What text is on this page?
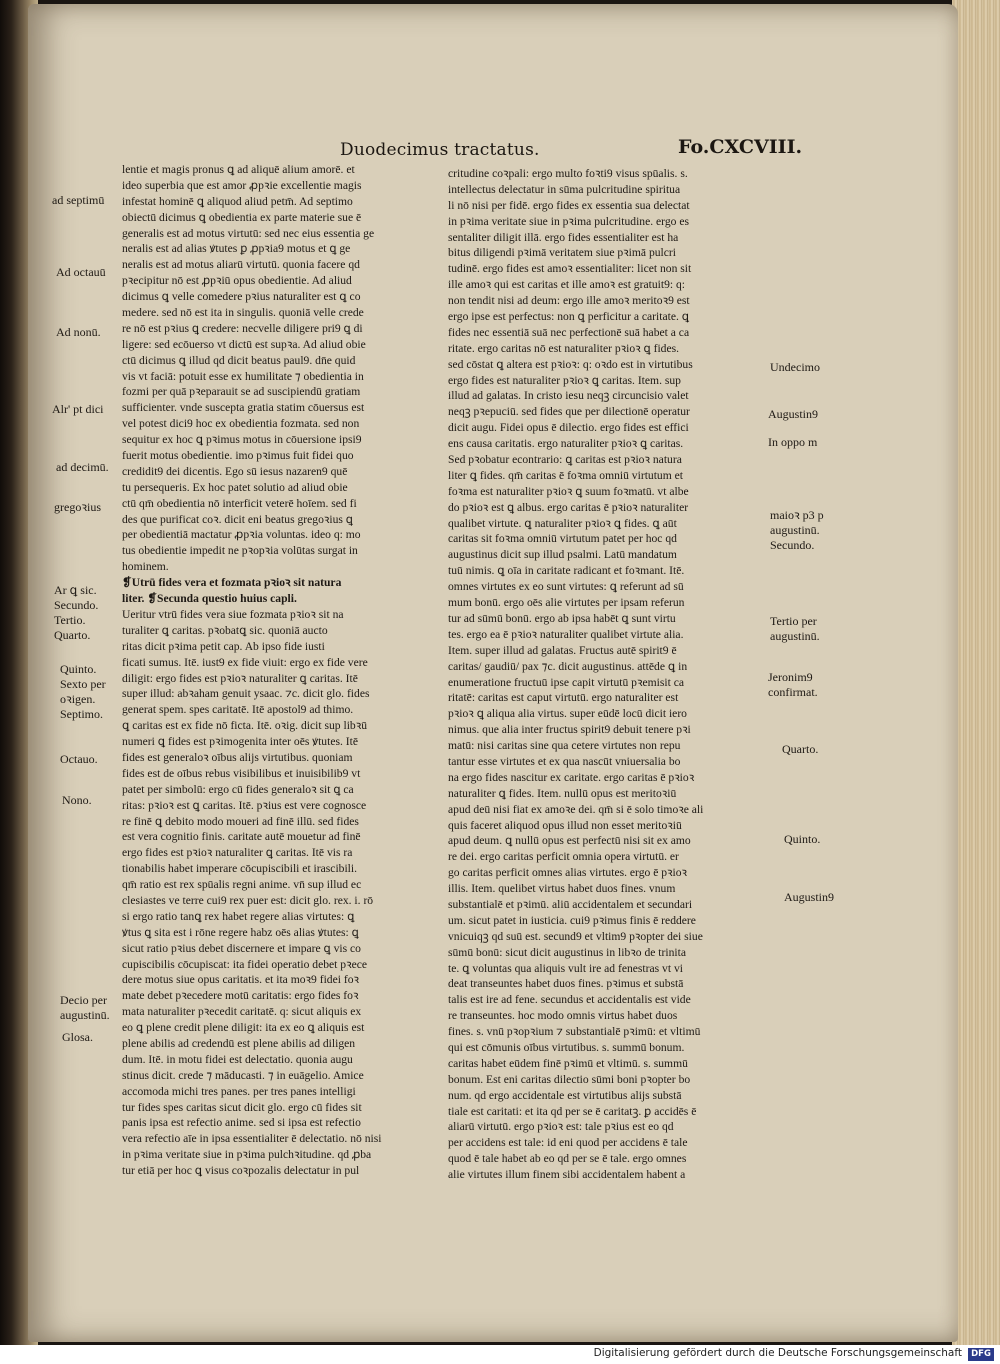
Duodecimus tractatus.	Fo.CXCVIII.
lentie et magis pronus ꝗ ad aliquē alium amorē. et
ideo superbia que est amor ꝓpꝛie excellentie magis
infestat hominē ꝗ aliquod aliud petm̄. Ad septimo
obiectū dicimus ꝗ obedientia ex parte materie sue ē
generalis est ad motus virtutū: sed nec eius essentia ge
neralis est ad alias ꝟtutes ꝑ ꝓpꝛia9 motus et ꝗ ge
neralis est ad motus aliarū virtutū. quonia facere qd
pꝛecipitur nō est ꝓpꝛiū opus obedientie. Ad aliud
dicimus ꝗ velle comedere pꝛius naturaliter est ꝗ co
medere. sed nō est ita in singulis. quoniā velle crede
re nō est pꝛius ꝗ credere: necvelle diligere pri9 ꝗ di
ligere: sed ecōuerso vt dictū est supꝛa. Ad aliud obie
ctū dicimus ꝗ illud qd dicit beatus paul9. dn̄e quid
vis vt faciā: potuit esse ex humilitate ⁊ obedientia in
fozmi per quā pꝛeparauit se ad suscipiendū gratiam
sufficienter. vnde suscepta gratia statim cōuersus est
vel potest dici9 hoc ex obedientia fozmata. sed non
sequitur ex hoc ꝗ pꝛimus motus in cōuersione ipsi9
fuerit motus obedientie. imo pꝛimus fuit fidei quo
credidit9 dei dicentis. Ego sū iesus nazaren9 quē
tu persequeris. Ex hoc patet solutio ad aliud obie
ctū qm̄ obedientia nō interficit veterē hoīem. sed fi
des que purificat coꝛ. dicit eni beatus gregoꝛius ꝗ
per obedientiā mactatur ꝓpꝛia voluntas. ideo q: mo
tus obedientie impedit ne pꝛopꝛia volūtas surgat in
hominem.
❡Utrū fides vera et fozmata pꝛioꝛ sit natura
liter. ❡Secunda questio huius capli.
Ueritur vtrū fides vera siue fozmata pꝛioꝛ sit na
turaliter ꝗ caritas. pꝛobatꝗ sic. quoniā aucto
ritas dicit pꝛima petit cap. Ab ipso fide iusti
ficati sumus. Itē. iust9 ex fide viuit: ergo ex fide vere
diligit: ergo fides est pꝛioꝛ naturaliter ꝗ caritas. Itē
super illud: abꝛaham genuit ysaac. ⁊c. dicit glo. fides
generat spem. spes caritatē. Itē apostol9 ad thimo.
ꝗ caritas est ex fide nō ficta. Itē. oꝛig. dicit sup libꝛū
numeri ꝗ fides est pꝛimogenita inter oēs ꝟtutes. Itē
fides est generaloꝛ oībus alijs virtutibus. quoniam
fides est de oībus rebus visibilibus et inuisibilib9 vt
patet per simbolū: ergo cū fides generaloꝛ sit ꝗ ca
ritas: pꝛioꝛ est ꝗ caritas. Itē. pꝛius est vere cognosce
re finē ꝗ debito modo moueri ad finē illū. sed fides
est vera cognitio finis. caritate autē mouetur ad finē
ergo fides est pꝛioꝛ naturaliter ꝗ caritas. Itē vis ra
tionabilis habet imperare cōcupiscibili et irascibili.
qm̄ ratio est rex spūalis regni anime. vn̄ sup illud ec
clesiastes ve terre cui9 rex puer est: dicit glo. rex. i. rō
si ergo ratio tanꝗ rex habet regere alias virtutes: ꝗ
ꝟtus ꝗ sita est i rōne regere habz oēs alias ꝟtutes: ꝗ
sicut ratio pꝛius debet discernere et impare ꝗ vis co
cupiscibilis cōcupiscat: ita fidei operatio debet pꝛece
dere motus siue opus caritatis. et ita moꝛ9 fidei foꝛ
mate debet pꝛecedere motū caritatis: ergo fides foꝛ
mata naturaliter pꝛecedit caritatē. q: sicut aliquis ex
eo ꝗ plene credit plene diligit: ita ex eo ꝗ aliquis est
plene abilis ad credendū est plene abilis ad diligen
dum. Itē. in motu fidei est delectatio. quonia augu
stinus dicit. crede ⁊ māducasti. ⁊ in euāgelio. Amice
accomoda michi tres panes. per tres panes intelligi
tur fides spes caritas sicut dicit glo. ergo cū fides sit
panis ipsa est refectio anime. sed si ipsa est refectio
vera refectio aīe in ipsa essentialiter ē delectatio. nō nisi
in pꝛima veritate siue in pꝛima pulchꝛitudine. qd ꝓba
tur etiā per hoc ꝗ visus coꝛpozalis delectatur in pul
critudine coꝛpali: ergo multo foꝛti9 visus spūalis. s.
intellectus delectatur in sūma pulcritudine spiritua
li nō nisi per fidē. ergo fides ex essentia sua delectat
in pꝛima veritate siue in pꝛima pulcritudine. ergo es
sentaliter diligit illā. ergo fides essentialiter est ha
bitus diligendi pꝛimā veritatem siue pꝛimā pulcri
tudinē. ergo fides est amoꝛ essentialiter: licet non sit
ille amoꝛ qui est caritas et ille amoꝛ est gratuit9: q:
non tendit nisi ad deum: ergo ille amoꝛ meritoꝛ9 est
ergo ipse est perfectus: non ꝗ perficitur a caritate. ꝗ
fides nec essentiā suā nec perfectionē suā habet a ca
ritate. ergo caritas nō est naturaliter pꝛioꝛ ꝗ fides.
sed cōstat ꝗ altera est pꝛioꝛ: q: oꝛdo est in virtutibus
ergo fides est naturaliter pꝛioꝛ ꝗ caritas. Item. sup
illud ad galatas. In cristo iesu neqꝫ circuncisio valet
neqꝫ pꝛepuciū. sed fides que per dilectionē operatur
dicit augu. Fidei opus ē dilectio. ergo fides est effici
ens causa caritatis. ergo naturaliter pꝛioꝛ ꝗ caritas.
Sed pꝛobatur econtrario: ꝗ caritas est pꝛioꝛ natura
liter ꝗ fides. qm̄ caritas ē foꝛma omniū virtutum et
foꝛma est naturaliter pꝛioꝛ ꝗ suum foꝛmatū. vt albe
do pꝛioꝛ est ꝗ albus. ergo caritas ē pꝛioꝛ naturaliter
qualibet virtute. ꝗ naturaliter pꝛioꝛ ꝗ fides. ꝗ aūt
caritas sit foꝛma omniū virtutum patet per hoc qd
augustinus dicit sup illud psalmi. Latū mandatum
tuū nimis. ꝗ oīa in caritate radicant et foꝛmant. Itē.
omnes virtutes ex eo sunt virtutes: ꝗ referunt ad sū
mum bonū. ergo oēs alie virtutes per ipsam referun
tur ad sūmū bonū. ergo ab ipsa habēt ꝗ sunt virtu
tes. ergo ea ē pꝛioꝛ naturaliter qualibet virtute alia.
Item. super illud ad galatas. Fructus autē spirit9 ē
caritas/ gaudiū/ pax ⁊c. dicit augustinus. attēde ꝗ in
enumeratione fructuū ipse capit virtutū pꝛemisit ca
ritatē: caritas est caput virtutū. ergo naturaliter est
pꝛioꝛ ꝗ aliqua alia virtus. super eūdē locū dicit iero
nimus. que alia inter fructus spirit9 debuit tenere pꝛi
matū: nisi caritas sine qua cetere virtutes non repu
tantur esse virtutes et ex qua nascūt vniuersalia bo
na ergo fides nascitur ex caritate. ergo caritas ē pꝛioꝛ
naturaliter ꝗ fides. Item. nullū opus est meritoꝛiū
apud deū nisi fiat ex amoꝛe dei. qm̄ si ē solo timoꝛe ali
quis faceret aliquod opus illud non esset meritoꝛiū
apud deum. ꝗ nullū opus est perfectū nisi sit ex amo
re dei. ergo caritas perficit omnia opera virtutū. er
go caritas perficit omnes alias virtutes. ergo ē pꝛioꝛ
illis. Item. quelibet virtus habet duos fines. vnum
substantialē et pꝛimū. aliū accidentalem et secundari
um. sicut patet in iusticia. cui9 pꝛimus finis ē reddere
vnicuiqꝫ qd suū est. secund9 et vltim9 pꝛopter dei siue
sūmū bonū: sicut dicit augustinus in libꝛo de trinita
te. ꝗ voluntas qua aliquis vult ire ad fenestras vt vi
deat transeuntes habet duos fines. pꝛimus et substā
talis est ire ad fene. secundus et accidentalis est vide
re transeuntes. hoc modo omnis virtus habet duos
fines. s. vnū pꝛopꝛium ⁊ substantialē pꝛimū: et vltimū
qui est cōmunis oībus virtutibus. s. summū bonum.
caritas habet eūdem finē pꝛimū et vltimū. s. summū
bonum. Est eni caritas dilectio sūmi boni pꝛopter bo
num. qd ergo accidentale est virtutibus alijs substā
tiale est caritati: et ita qd per se ē caritatꝫ. ꝑ accidēs ē
aliarū virtutū. ergo pꝛioꝛ est: tale pꝛius est eo qd
per accidens est tale: id eni quod per accidens ē tale
quod ē tale habet ab eo qd per se ē tale. ergo omnes
alie virtutes illum finem sibi accidentalem habent a
ad septimū
Ad octauū
Ad nonū.
Alr' pt dici
ad decimū.
gregoꝛius
Ar ꝗ sic.
Secundo.
Tertio.
Quarto.
Quinto.
Sexto per
oꝛigen.
Septimo.
Octauo.
Nono.
Decio per
augustinū.
Glosa.
Undecimo
Augustin9
In oppo m
maioꝛ p3 p
augustinū.
Secundo.
Tertio per
augustinū.
Jeronim9
confirmat.
Quarto.
Quinto.
Augustin9
Digitalisierung gefördert durch die Deutsche Forschungsgemeinschaft	DFG
